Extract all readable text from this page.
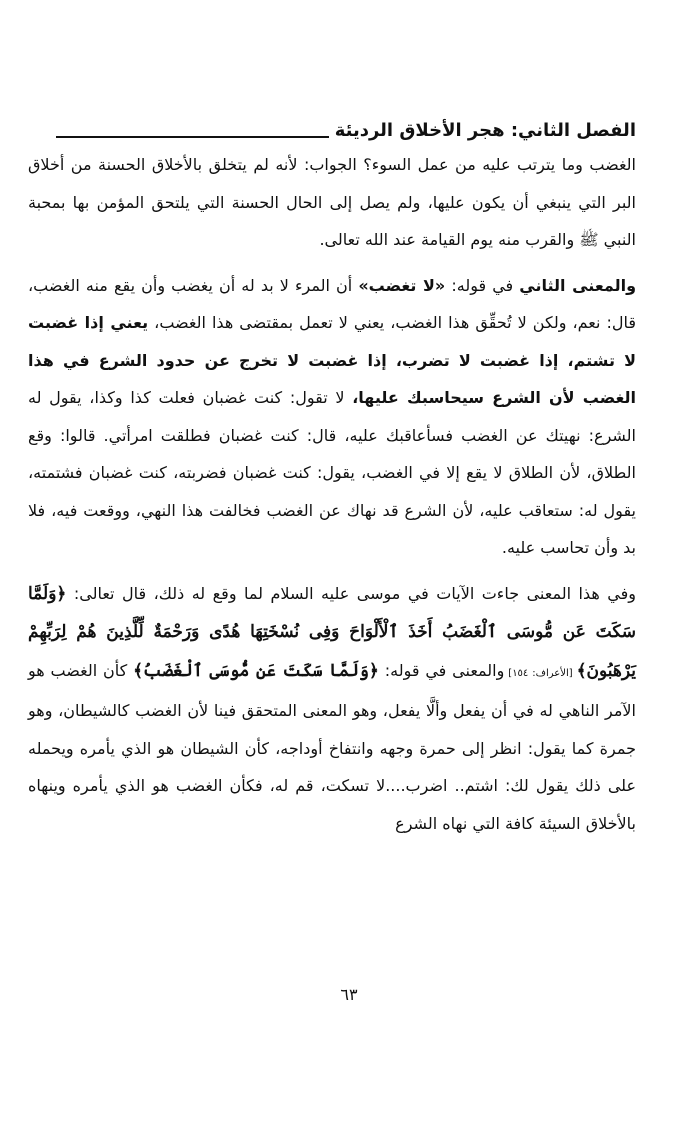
الفصل الثاني: هجر الأخلاق الرديئة

الغضب وما يترتب عليه من عمل السوء؟ الجواب: لأنه لم يتخلق بالأخلاق الحسنة من أخلاق البر التي ينبغي أن يكون عليها، ولم يصل إلى الحال الحسنة التي يلتحق المؤمن بها بمحبة النبي ﷺ والقرب منه يوم القيامة عند الله تعالى.

والمعنى الثاني في قوله: «لا تغضب» أن المرء لا بد له أن يغضب وأن يقع منه الغضب، قال: نعم، ولكن لا تُحقِّق هذا الغضب، يعني لا تعمل بمقتضى هذا الغضب، يعني إذا غضبت لا تشتم، إذا غضبت لا تضرب، إذا غضبت لا تخرج عن حدود الشرع في هذا الغضب لأن الشرع سيحاسبك عليها، لا تقول: كنت غضبان فعلت كذا وكذا، يقول له الشرع: نهيتك عن الغضب فسأعاقبك عليه، قال: كنت غضبان فطلقت امرأتي. قالوا: وقع الطلاق، لأن الطلاق لا يقع إلا في الغضب، يقول: كنت غضبان فضربته، كنت غضبان فشتمته، يقول له: ستعاقب عليه، لأن الشرع قد نهاك عن الغضب فخالفت هذا النهي، ووقعت فيه، فلا بد وأن تحاسب عليه.

وفي هذا المعنى جاءت الآيات في موسى عليه السلام لما وقع له ذلك، قال تعالى: ﴿وَلَمَّا سَكَتَ عَن مُّوسَى ٱلْغَضَبُ أَخَذَ ٱلْأَلْوَاحَ وَفِى نُسْخَتِهَا هُدًى وَرَحْمَةٌ لِّلَّذِينَ هُمْ لِرَبِّهِمْ يَرْهَبُونَ﴾ [الأعراف: ١٥٤] والمعنى في قوله: ﴿وَلَمَّا سَكَتَ عَن مُّوسَى ٱلْغَضَبُ﴾ كأن الغضب هو الآمر الناهي له في أن يفعل وألَّا يفعل، وهو المعنى المتحقق فينا لأن الغضب كالشيطان، وهو جمرة كما يقول: انظر إلى حمرة وجهه وانتفاخ أوداجه، كأن الشيطان هو الذي يأمره ويحمله على ذلك يقول لك: اشتم.. اضرب....لا تسكت، قم له، فكأن الغضب هو الذي يأمره وينهاه بالأخلاق السيئة كافة التي نهاه الشرع

٦٣
